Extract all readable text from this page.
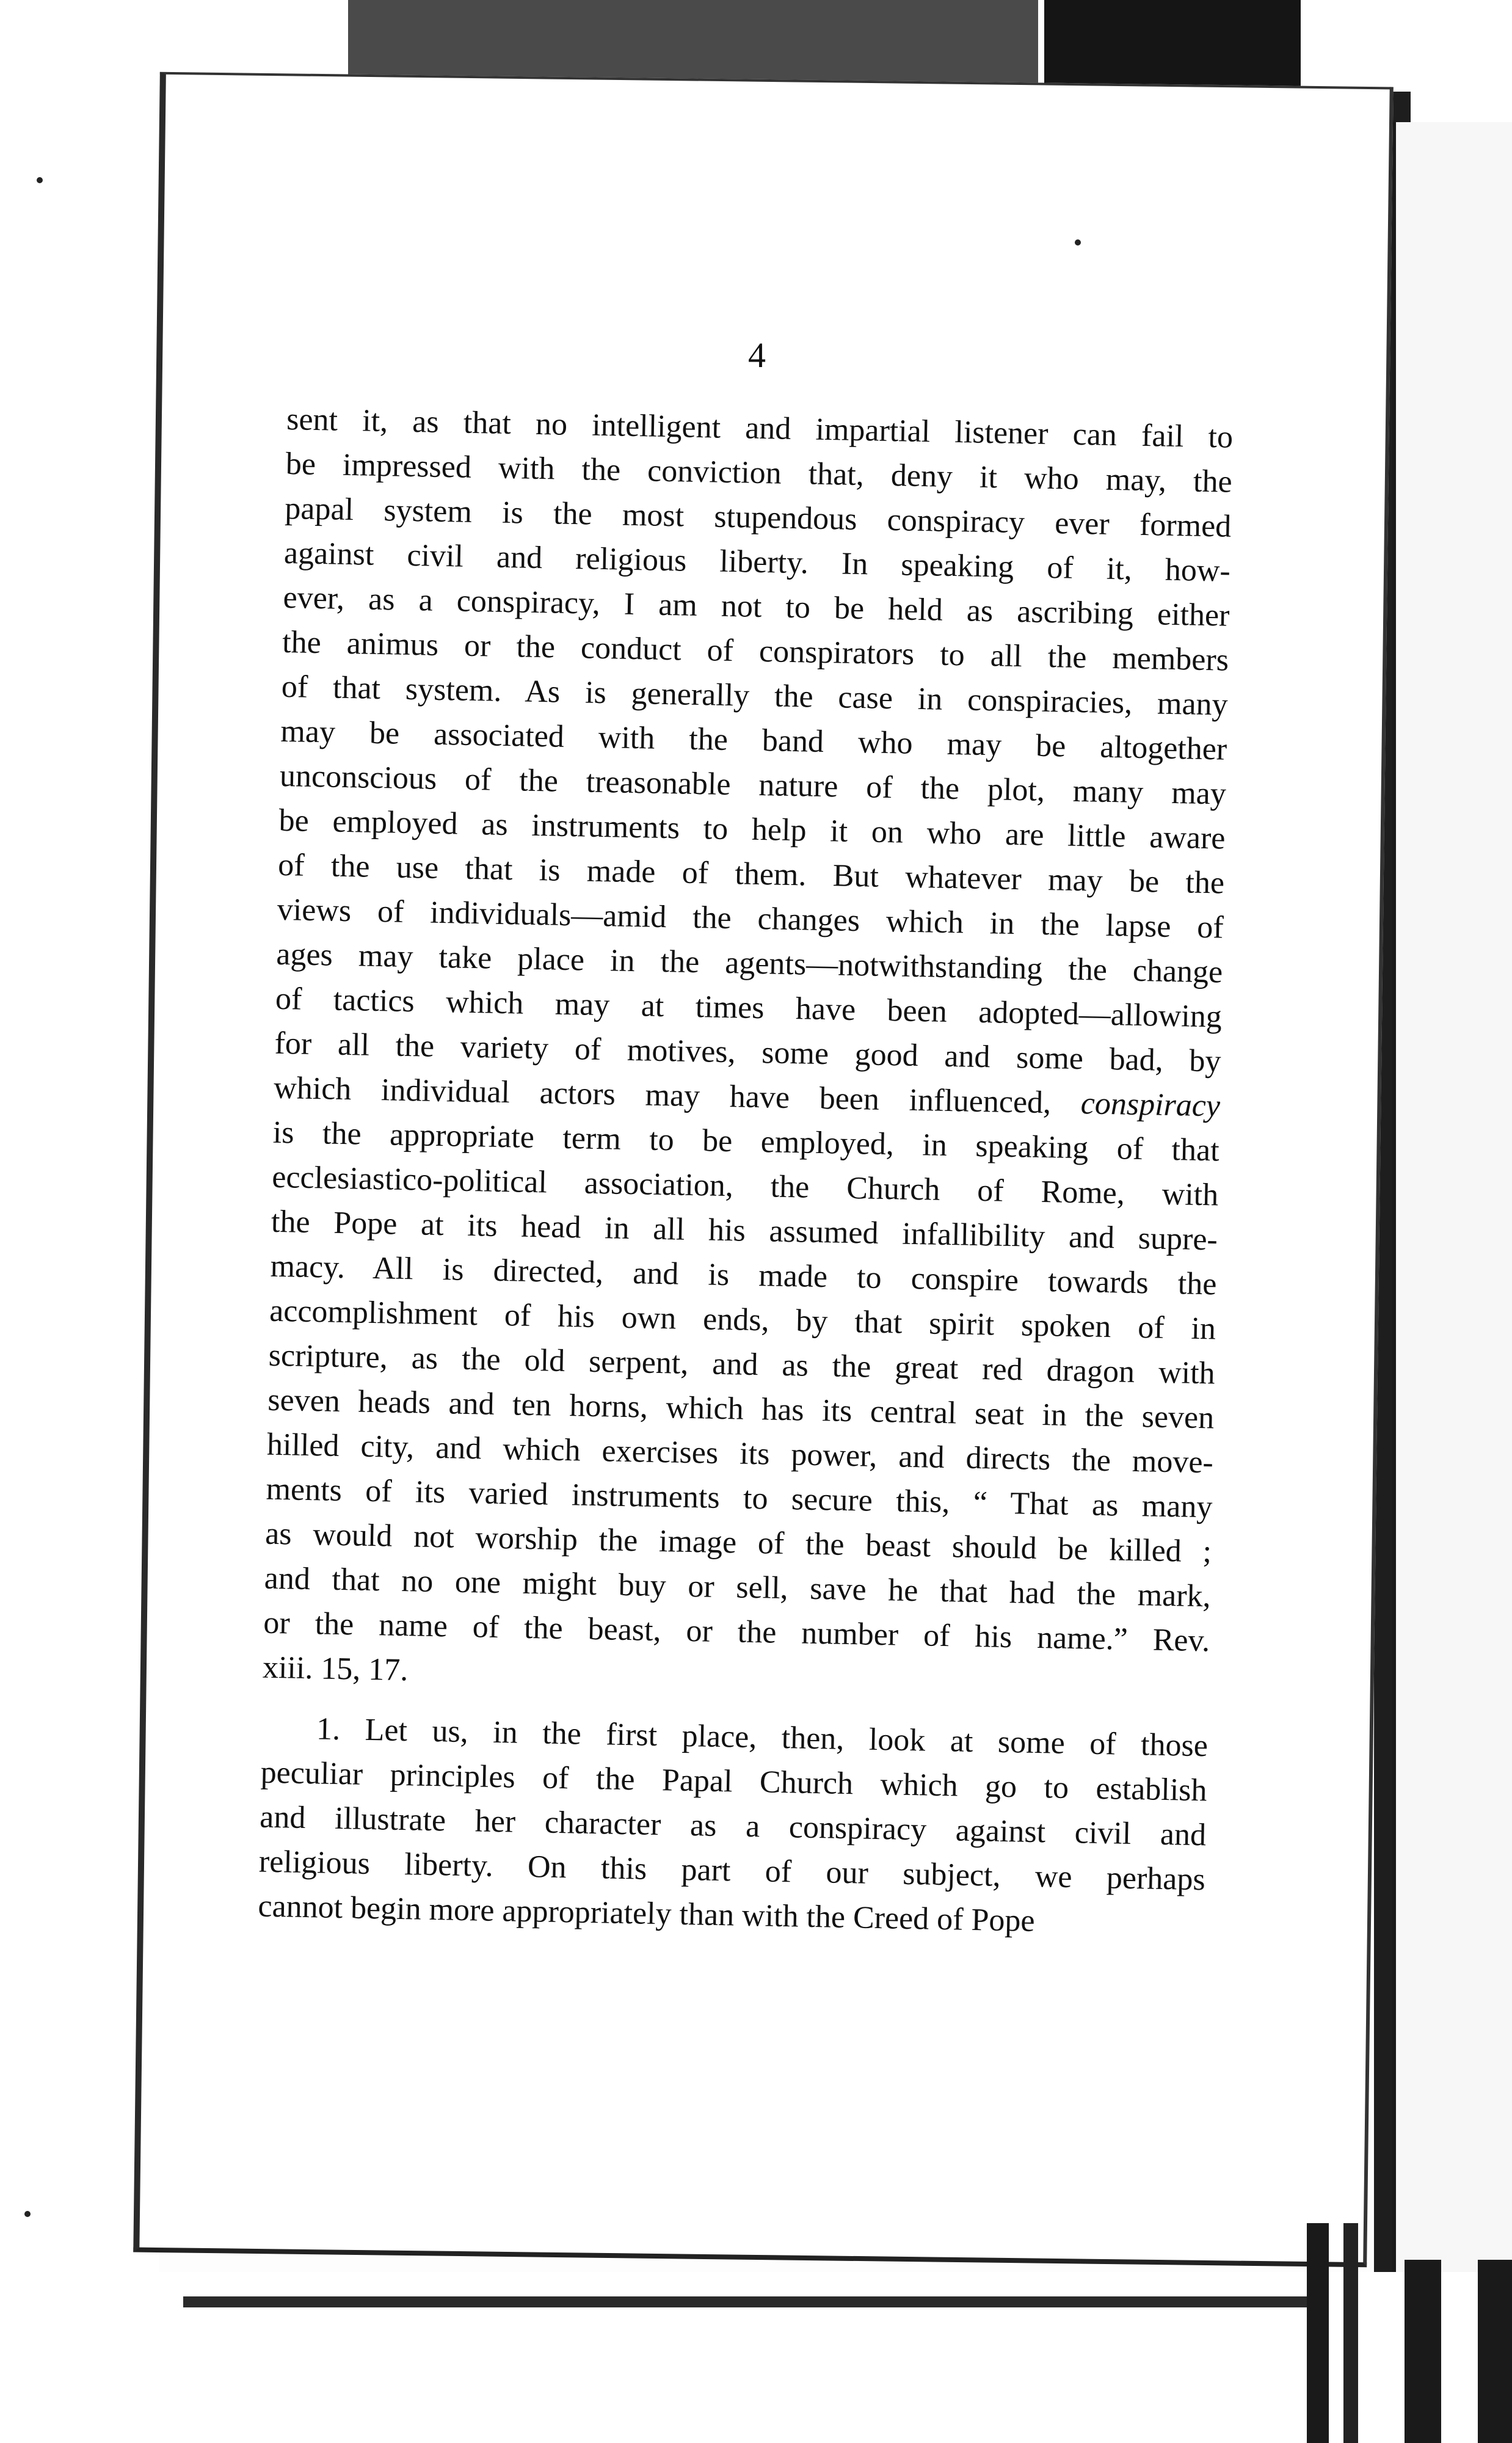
4

sent it, as that no intelligent and impartial listener can fail to
be impressed with the conviction that, deny it who may, the
papal system is the most stupendous conspiracy ever formed
against civil and religious liberty. In speaking of it, how-
ever, as a conspiracy, I am not to be held as ascribing either
the animus or the conduct of conspirators to all the members
of that system. As is generally the case in conspiracies, many
may be associated with the band who may be altogether
unconscious of the treasonable nature of the plot, many may
be employed as instruments to help it on who are little aware
of the use that is made of them. But whatever may be the
views of individuals—amid the changes which in the lapse of
ages may take place in the agents—notwithstanding the change
of tactics which may at times have been adopted—allowing
for all the variety of motives, some good and some bad, by
which individual actors may have been influenced, conspiracy
is the appropriate term to be employed, in speaking of that
ecclesiastico-political association, the Church of Rome, with
the Pope at its head in all his assumed infallibility and supre-
macy. All is directed, and is made to conspire towards the
accomplishment of his own ends, by that spirit spoken of in
scripture, as the old serpent, and as the great red dragon with
seven heads and ten horns, which has its central seat in the seven
hilled city, and which exercises its power, and directs the move-
ments of its varied instruments to secure this, “ That as many
as would not worship the image of the beast should be killed ;
and that no one might buy or sell, save he that had the mark,
or the name of the beast, or the number of his name.” Rev.
xiii. 15, 17.

1. Let us, in the first place, then, look at some of those
peculiar principles of the Papal Church which go to establish
and illustrate her character as a conspiracy against civil and
religious liberty. On this part of our subject, we perhaps
cannot begin more appropriately than with the Creed of Pope
